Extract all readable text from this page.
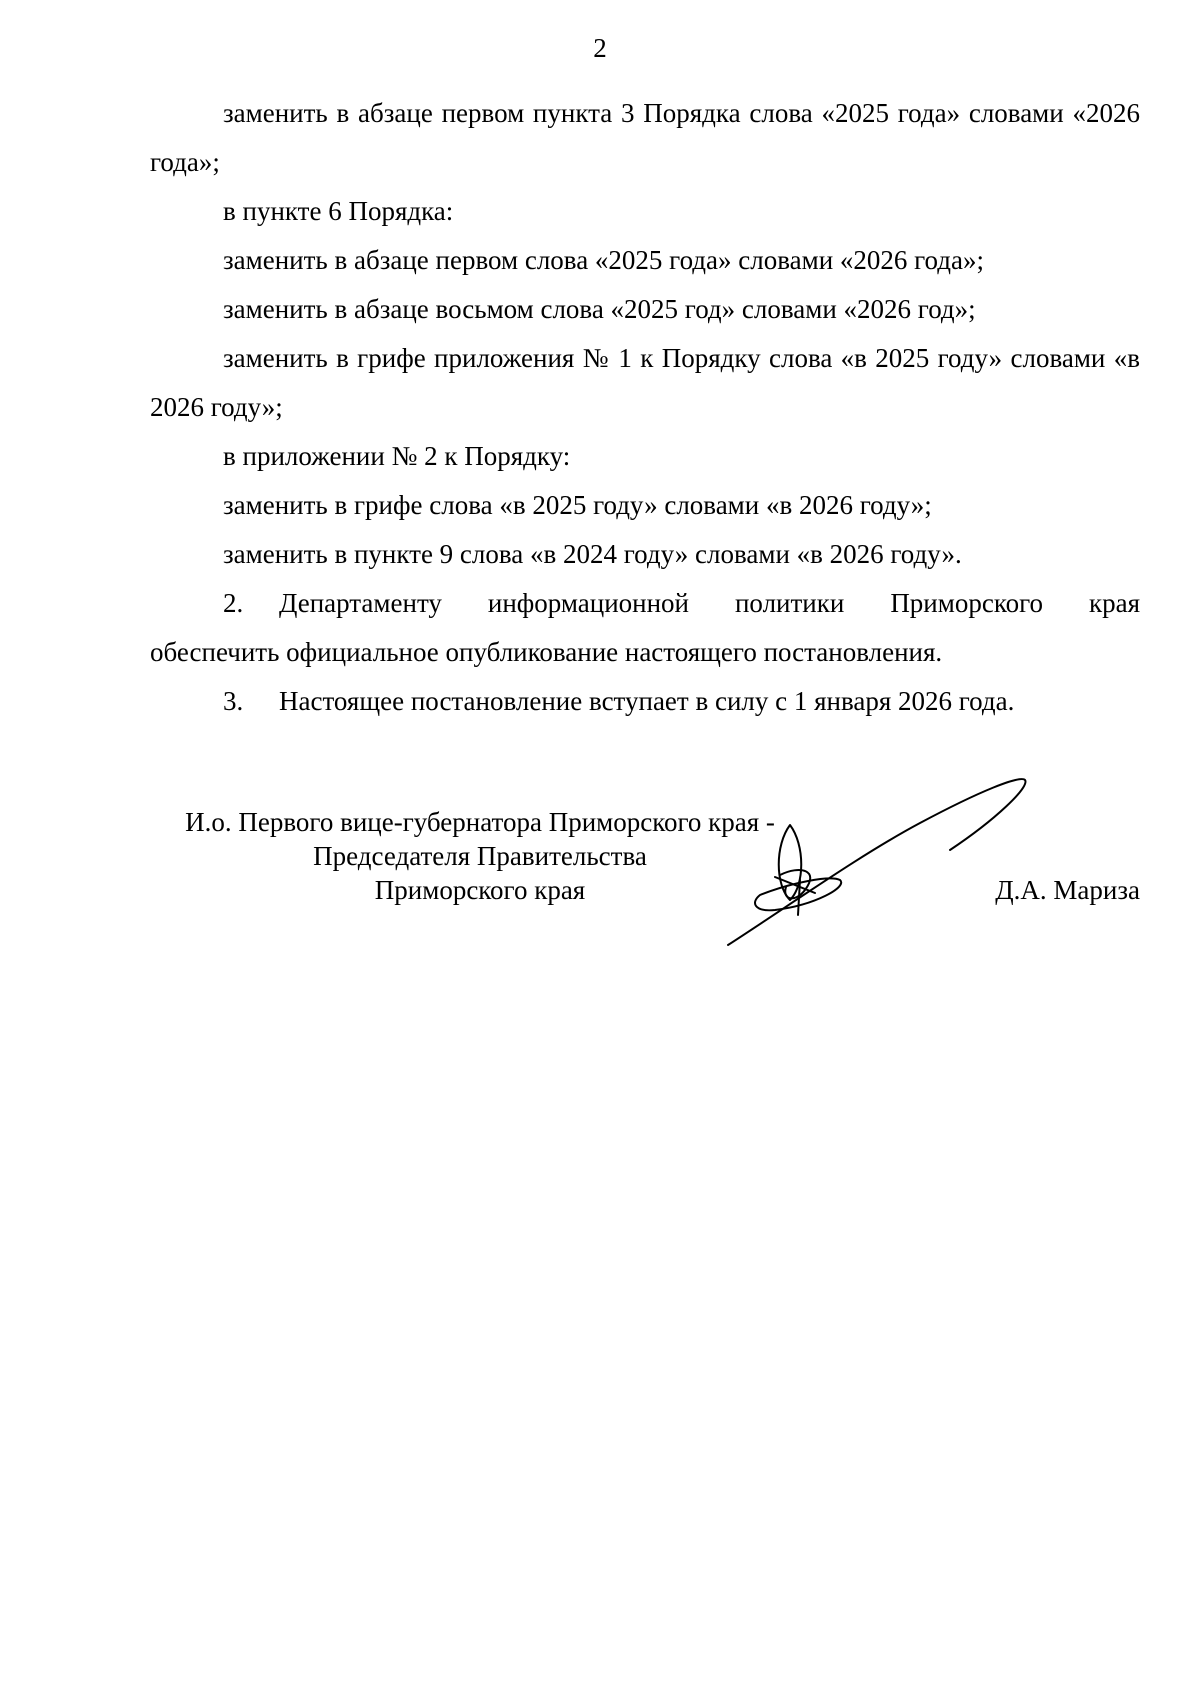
2

заменить в абзаце первом пункта 3 Порядка слова «2025 года» словами «2026 года»;

в пункте 6 Порядка:

заменить в абзаце первом слова «2025 года» словами «2026 года»;

заменить в абзаце восьмом слова «2025 год» словами «2026 год»;

заменить в грифе приложения № 1 к Порядку слова «в 2025 году» словами «в 2026 году»;

в приложении № 2 к Порядку:

заменить в грифе слова «в 2025 году» словами «в 2026 году»;

заменить в пункте 9 слова «в 2024 году» словами «в 2026 году».

2.	Департаменту информационной политики Приморского края

обеспечить официальное опубликование настоящего постановления.

3.	Настоящее постановление вступает в силу с 1 января 2026 года.
И.о. Первого вице-губернатора Приморского края -
Председателя Правительства
Приморского края	Д.А. Мариза
